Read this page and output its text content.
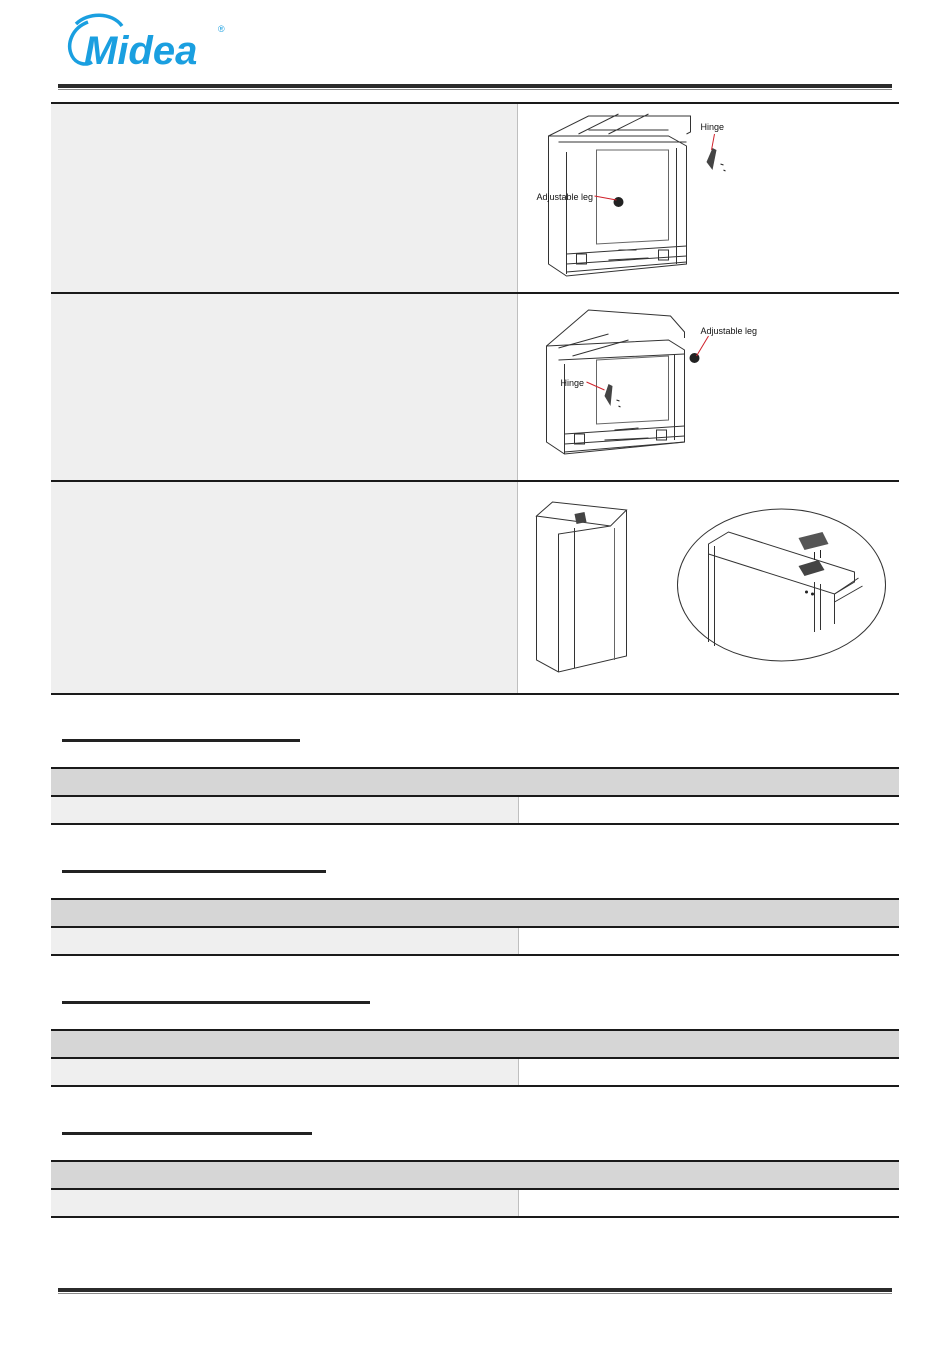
Midea ®
Adjustable leg
Hinge
Adjustable leg
Hinge
